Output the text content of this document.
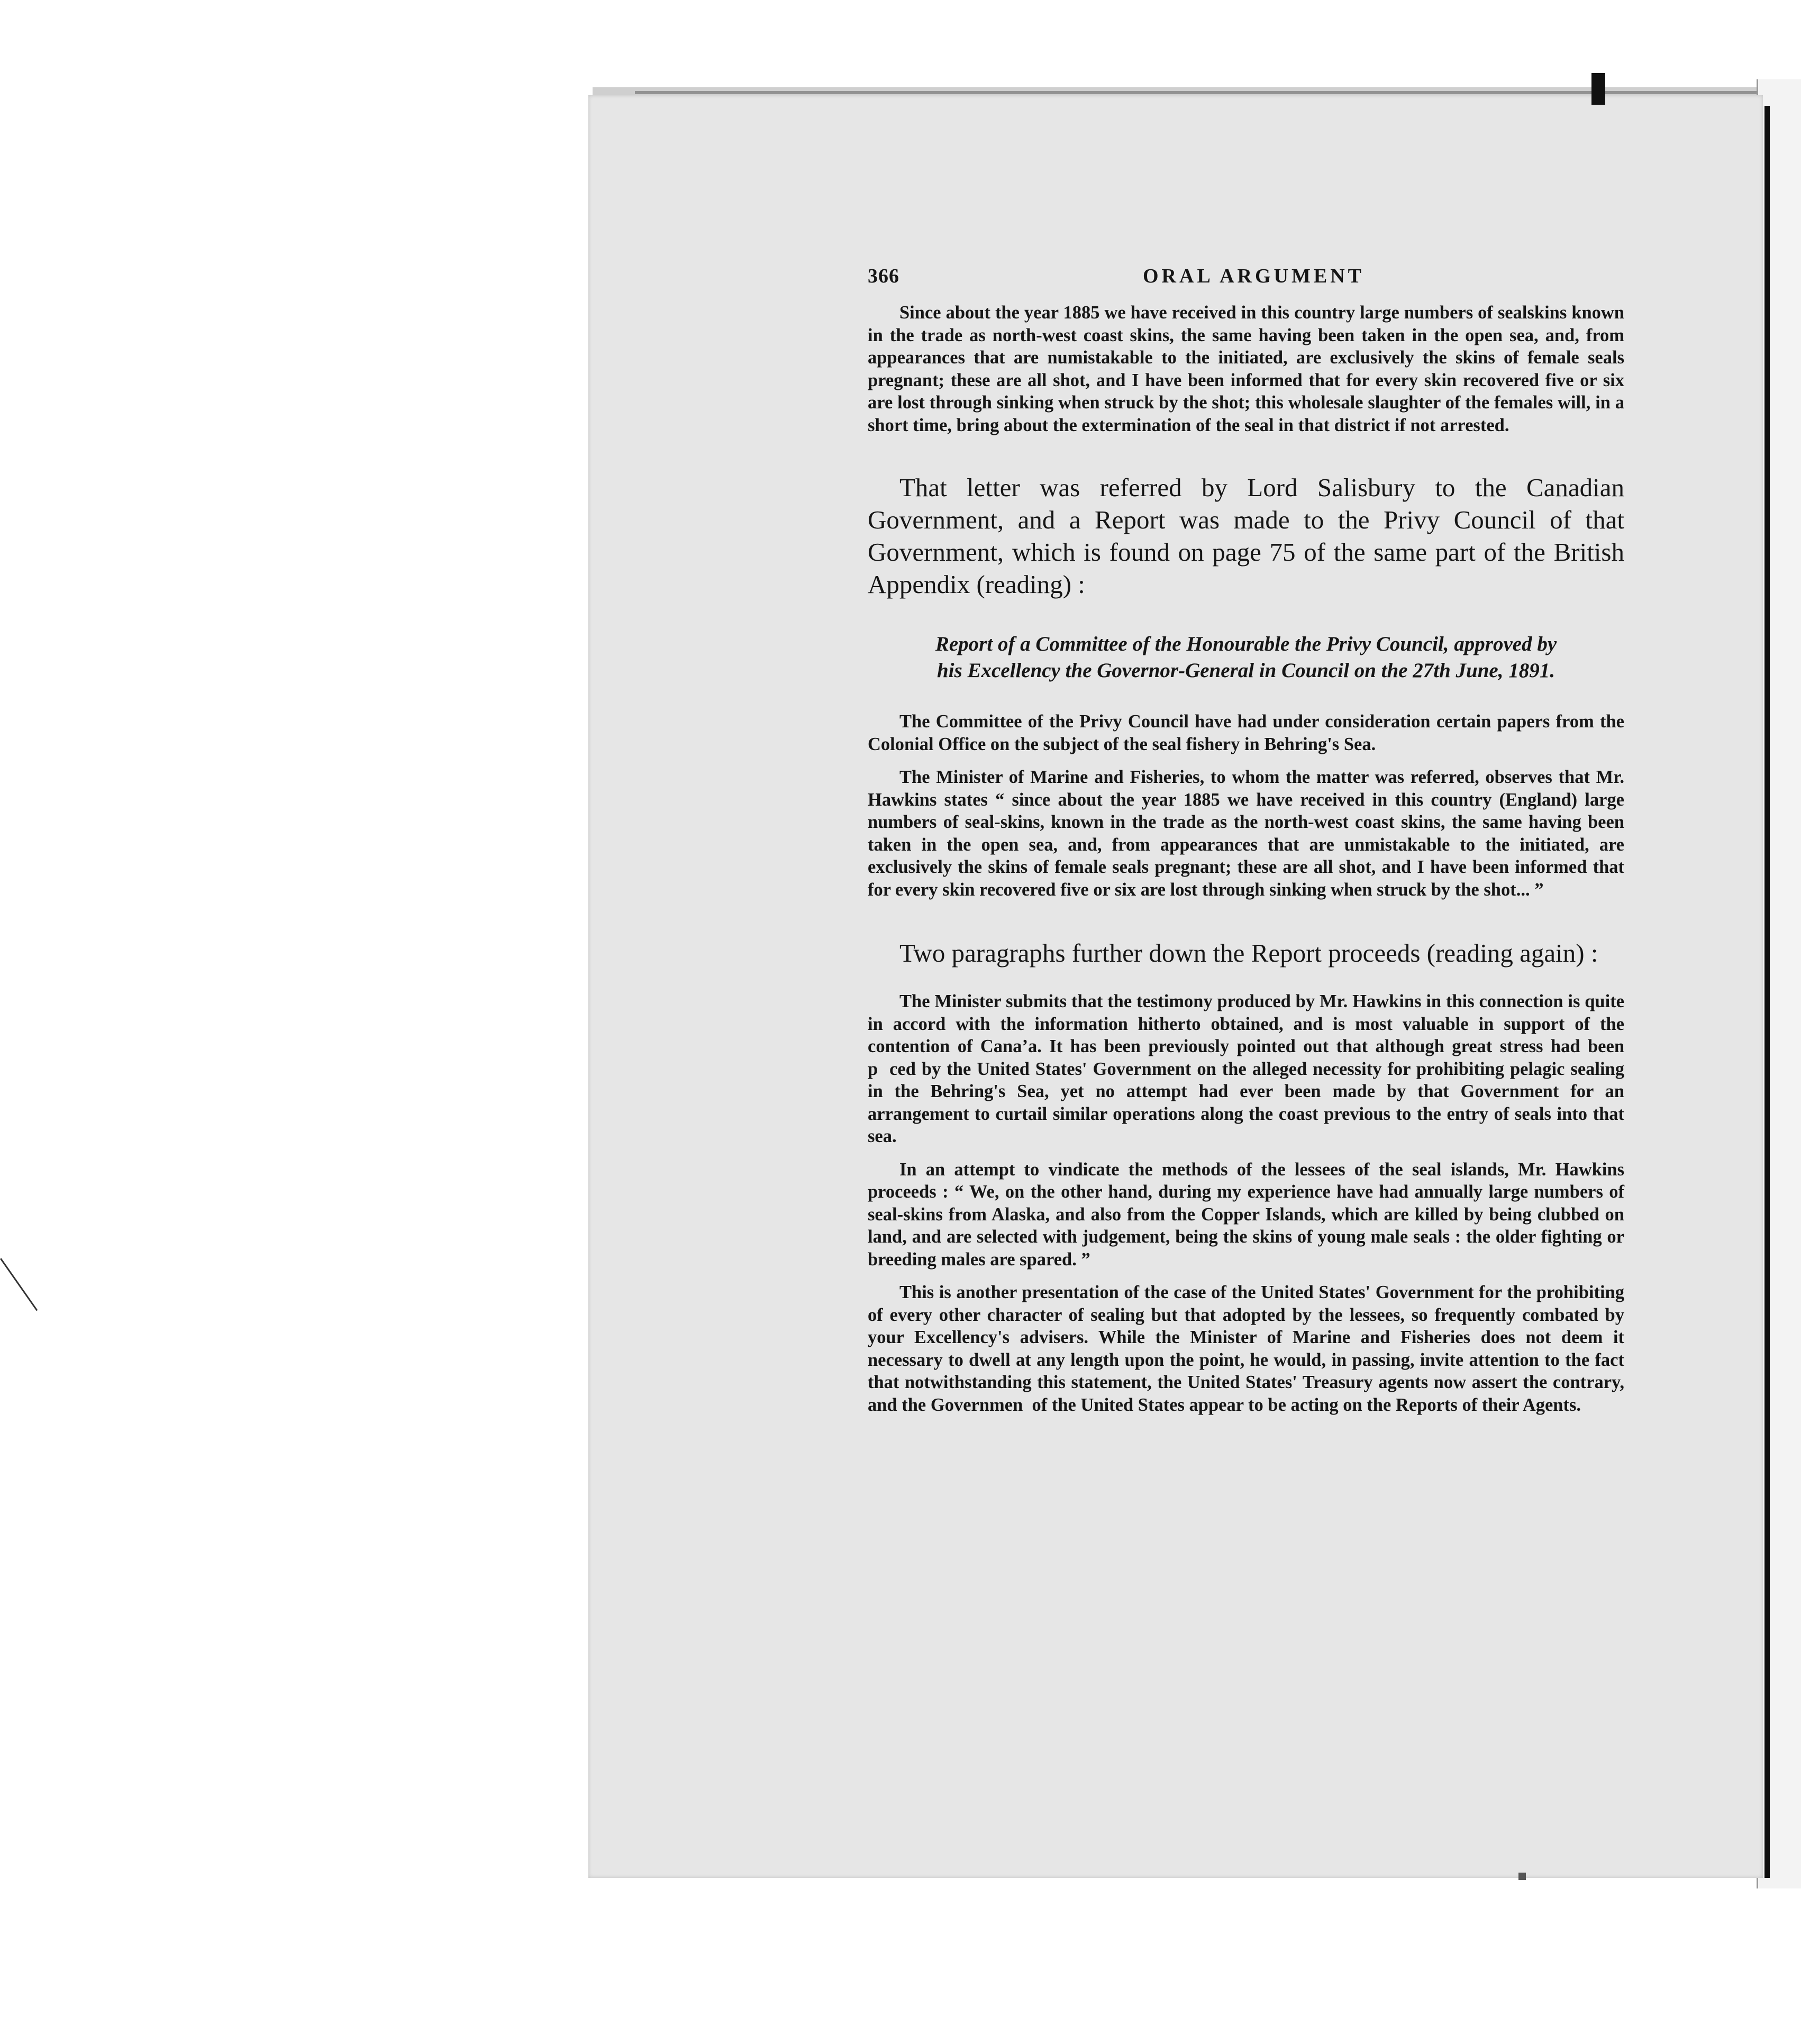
366	ORAL ARGUMENT

Since about the year 1885 we have received in this country large numbers of sealskins known in the trade as north-west coast skins, the same having been taken in the open sea, and, from appearances that are numistakable to the initiated, are exclusively the skins of female seals pregnant; these are all shot, and I have been informed that for every skin recovered five or six are lost through sinking when struck by the shot; this wholesale slaughter of the females will, in a short time, bring about the extermination of the seal in that district if not arrested.

That letter was referred by Lord Salisbury to the Canadian Government, and a Report was made to the Privy Council of that Government, which is found on page 75 of the same part of the British Appendix (reading) :

Report of a Committee of the Honourable the Privy Council, approved by
his Excellency the Governor-General in Council on the 27th June, 1891.

The Committee of the Privy Council have had under consideration certain papers from the Colonial Office on the subject of the seal fishery in Behring's Sea.

The Minister of Marine and Fisheries, to whom the matter was referred, observes that Mr. Hawkins states “ since about the year 1885 we have received in this country (England) large numbers of seal-skins, known in the trade as the north-west coast skins, the same having been taken in the open sea, and, from appearances that are unmistakable to the initiated, are exclusively the skins of female seals pregnant; these are all shot, and I have been informed that for every skin recovered five or six are lost through sinking when struck by the shot... ”

Two paragraphs further down the Report proceeds (reading again) :

The Minister submits that the testimony produced by Mr. Hawkins in this connection is quite in accord with the information hitherto obtained, and is most valuable in support of the contention of Cana’a. It has been previously pointed out that although great stress had been p  ced by the United States' Government on the alleged necessity for prohibiting pelagic sealing in the Behring's Sea, yet no attempt had ever been made by that Government for an arrangement to curtail similar operations along the coast previous to the entry of seals into that sea.

In an attempt to vindicate the methods of the lessees of the seal islands, Mr. Hawkins proceeds : “ We, on the other hand, during my experience have had annually large numbers of seal-skins from Alaska, and also from the Copper Islands, which are killed by being clubbed on land, and are selected with judgement, being the skins of young male seals : the older fighting or breeding males are spared. ”

This is another presentation of the case of the United States' Government for the prohibiting of every other character of sealing but that adopted by the lessees, so frequently combated by your Excellency's advisers. While the Minister of Marine and Fisheries does not deem it necessary to dwell at any length upon the point, he would, in passing, invite attention to the fact that notwithstanding this statement, the United States' Treasury agents now assert the contrary, and the Governmen  of the United States appear to be acting on the Reports of their Agents.
